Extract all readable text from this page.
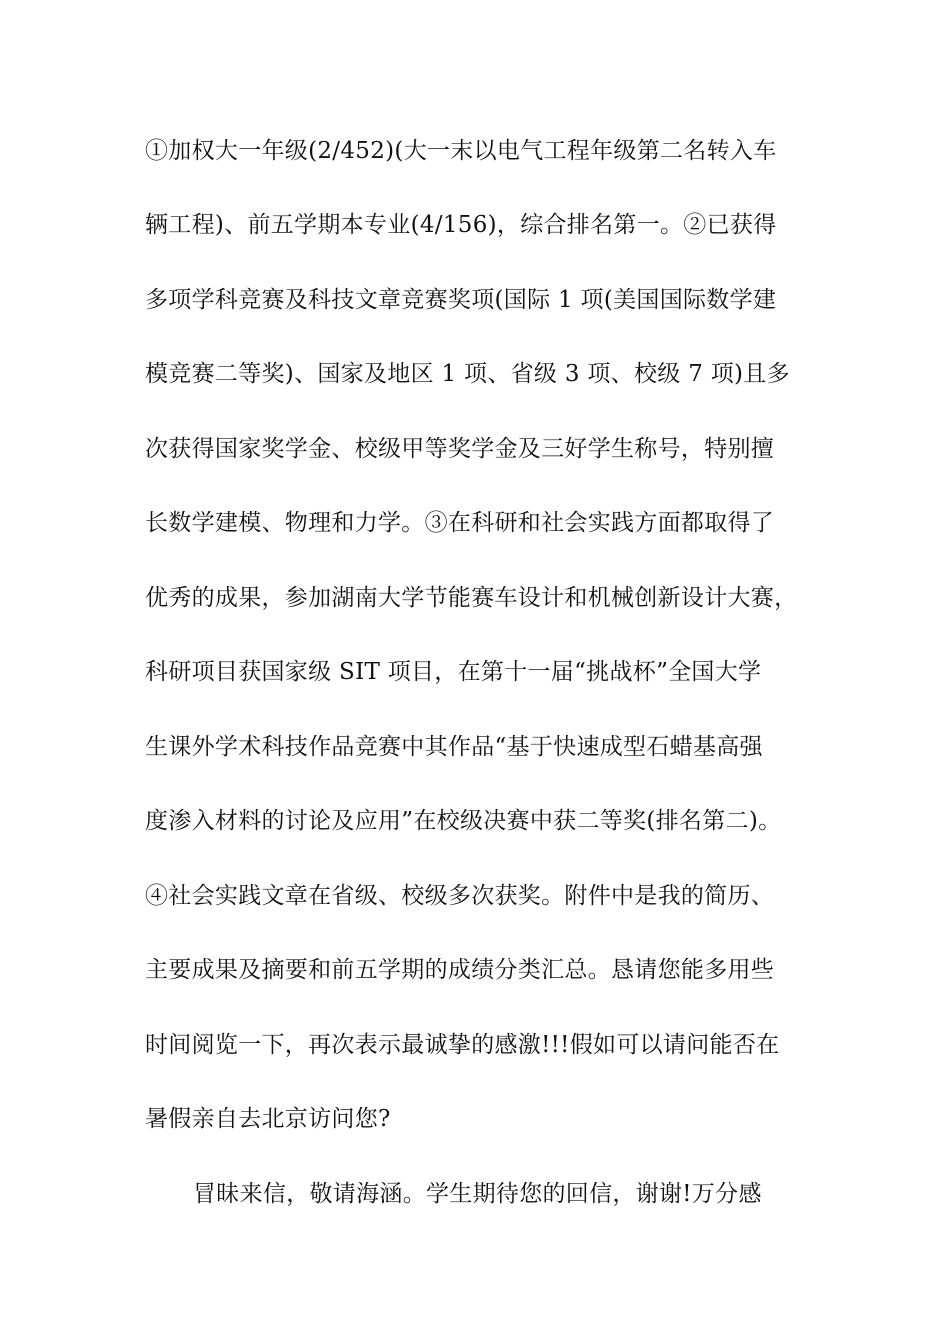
①加权大一年级(2/452)(大一末以电气工程年级第二名转入车
辆工程)、前五学期本专业(4/156)，综合排名第一。②已获得
多项学科竞赛及科技文章竞赛奖项(国际 1 项(美国国际数学建
模竞赛二等奖)、国家及地区 1 项、省级 3 项、校级 7 项)且多
次获得国家奖学金、校级甲等奖学金及三好学生称号，特别擅
长数学建模、物理和力学。③在科研和社会实践方面都取得了
优秀的成果，参加湖南大学节能赛车设计和机械创新设计大赛，
科研项目获国家级 SIT 项目，在第十一届“挑战杯”全国大学
生课外学术科技作品竞赛中其作品“基于快速成型石蜡基高强
度渗入材料的讨论及应用”在校级决赛中获二等奖(排名第二)。
④社会实践文章在省级、校级多次获奖。附件中是我的简历、
主要成果及摘要和前五学期的成绩分类汇总。恳请您能多用些
时间阅览一下，再次表示最诚挚的感激!!!假如可以请问能否在
暑假亲自去北京访问您?
冒昧来信，敬请海涵。学生期待您的回信，谢谢!万分感
